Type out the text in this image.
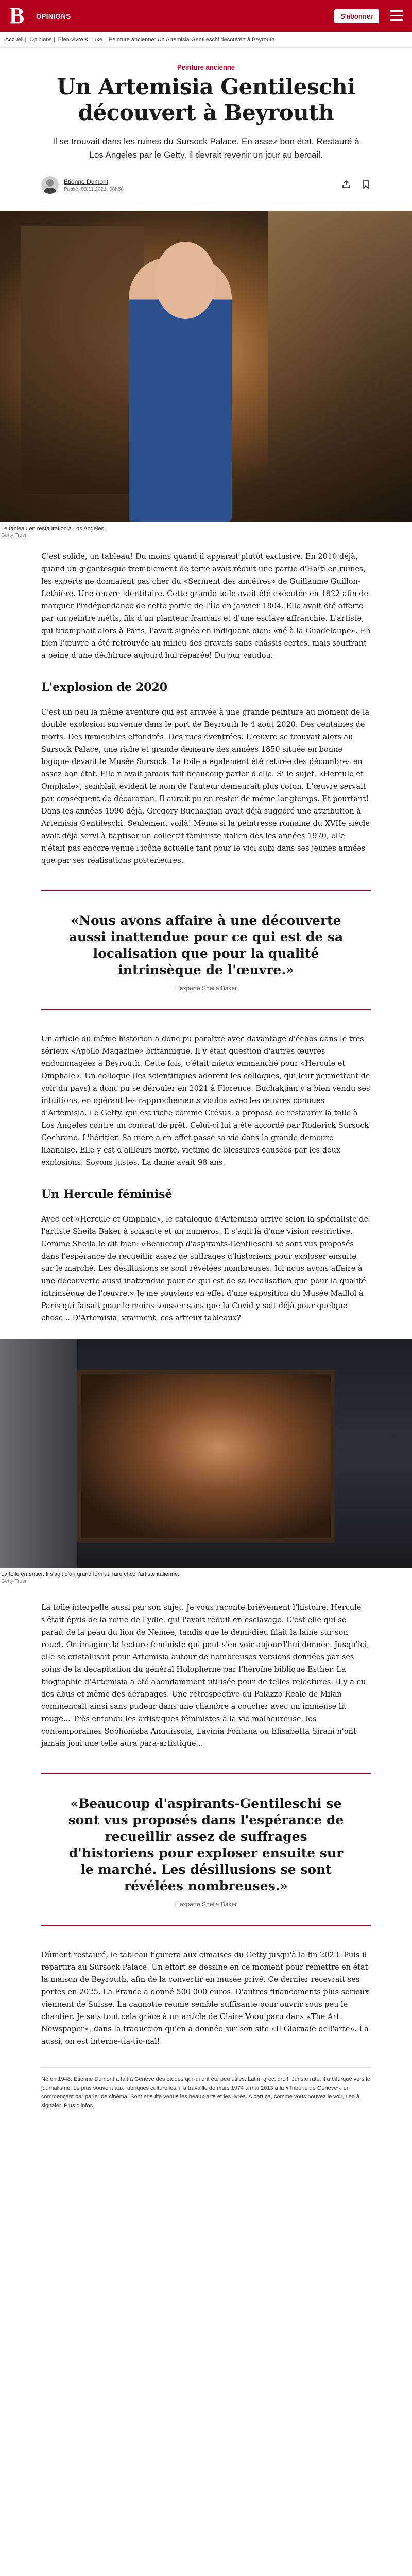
B OPINIONS	S'abonner
Accueil | Opinions | Bien-vivre & Luxe | Peinture ancienne: Un Artemisia Gentileschi découvert à Beyrouth
Peinture ancienne
Un Artemisia Gentileschi découvert à Beyrouth

Il se trouvait dans les ruines du Sursock Palace. En assez bon état. Restauré à Los Angeles par le Getty, il devrait revenir un jour au bercail.

Etienne Dumont
Publié: 03.11.2021, 08h58
Le tableau en restauration à Los Angeles.
Getty Trust

C'est solide, un tableau! Du moins quand il apparait plutôt exclusive. En 2010 déjà, quand un gigantesque tremblement de terre avait réduit une partie d'Haïti en ruines, les experts ne donnaient pas cher du «Serment des ancêtres» de Guillaume Guillon-Lethière. Une œuvre identitaire. Cette grande toile avait été exécutée en 1822 afin de marquer l'indépendance de cette partie de l'Île en janvier 1804. Elle avait été offerte par un peintre métis, fils d'un planteur français et d'une esclave affranchie. L'artiste, qui triomphait alors à Paris, l'avait signée en indiquant bien: «né à la Guadeloupe». Eh bien l'œuvre a été retrouvée au milieu des gravats sans châssis certes, mais souffrant à peine d'une déchirure aujourd'hui réparée! Du pur vaudou.

L'explosion de 2020

C'est un peu la même aventure qui est arrivée à une grande peinture au moment de la double explosion survenue dans le port de Beyrouth le 4 août 2020. Des centaines de morts. Des immeubles effondrés. Des rues éventrées. L'œuvre se trouvait alors au Sursock Palace, une riche et grande demeure des années 1850 située en bonne logique devant le Musée Sursock. La toile a également été retirée des décombres en assez bon état. Elle n'avait jamais fait beaucoup parler d'elle. Si le sujet, «Hercule et Omphale», semblait évident le nom de l'auteur demeurait plus coton. L'œuvre servait par conséquent de décoration. Il aurait pu en rester de même longtemps. Et pourtant! Dans les années 1990 déjà, Gregory Buchakjian avait déjà suggéré une attribution à Artemisia Gentileschi. Seulement voilà! Même si la peintresse romaine du XVIIe siècle avait déjà servi à baptiser un collectif féministe italien dès les années 1970, elle n'était pas encore venue l'icône actuelle tant pour le viol subi dans ses jeunes années que par ses réalisations postérieures.

«Nous avons affaire à une découverte aussi inattendue pour ce qui est de sa localisation que pour la qualité intrinsèque de l'œuvre.»
L'experte Sheila Baker

Un article du même historien a donc pu paraître avec davantage d'échos dans le très sérieux «Apollo Magazine» britannique. Il y était question d'autres œuvres endommagées à Beyrouth. Cette fois, c'était mieux emmanché pour «Hercule et Omphale». Un colloque (les scientifiques adorent les colloques, qui leur permettent de voir du pays) a donc pu se dérouler en 2021 à Florence. Buchakjian y a bien vendu ses intuitions, en opérant les rapprochements voulus avec les œuvres connues d'Artemisia. Le Getty, qui est riche comme Crésus, a proposé de restaurer la toile à Los Angeles contre un contrat de prêt. Celui-ci lui a été accordé par Roderick Sursock Cochrane. L'héritier. Sa mère a en effet passé sa vie dans la grande demeure libanaise. Elle y est d'ailleurs morte, victime de blessures causées par les deux explosions. Soyons justes. La dame avait 98 ans.

Un Hercule féminisé

Avec cet «Hercule et Omphale», le catalogue d'Artemisia arrive selon la spécialiste de l'artiste Sheila Baker à soixante et un numéros. Il s'agit là d'une vision restrictive. Comme Sheila le dit bien: «Beaucoup d'aspirants-Gentileschi se sont vus proposés dans l'espérance de recueillir assez de suffrages d'historiens pour exploser ensuite sur le marché. Les désillusions se sont révélées nombreuses. Ici nous avons affaire à une découverte aussi inattendue pour ce qui est de sa localisation que pour la qualité intrinsèque de l'œuvre.» Je me souviens en effet d'une exposition du Musée Maillol à Paris qui faisait pour le moins tousser sans que la Covid y soit déjà pour quelque chose... D'Artemisia, vraiment, ces affreux tableaux?

La toile en entier. Il s'agit d'un grand format, rare chez l'artiste italienne.
Getty Trust

La toile interpelle aussi par son sujet. Je vous raconte brièvement l'histoire. Hercule s'était épris de la reine de Lydie, qui l'avait réduit en esclavage. C'est elle qui se paraît de la peau du lion de Némée, tandis que le demi-dieu filait la laine sur son rouet. On imagine la lecture féministe qui peut s'en voir aujourd'hui donnée. Jusqu'ici, elle se cristallisait pour Artemisia autour de nombreuses versions données par ses soins de la décapitation du général Holopherne par l'héroïne biblique Esther. La biographie d'Artemisia a été abondamment utilisée pour de telles relectures. Il y a eu des abus et même des dérapages. Une rétrospective du Palazzo Reale de Milan commençait ainsi sans pudeur dans une chambre à coucher avec un immense lit rouge... Très entendu les artistiques féministes à la vie malheureuse, les contemporaines Sophonisba Anguissola, Lavinia Fontana ou Elisabetta Sirani n'ont jamais joui une telle aura para-artistique...

«Beaucoup d'aspirants-Gentileschi se sont vus proposés dans l'espérance de recueillir assez de suffrages d'historiens pour exploser ensuite sur le marché. Les désillusions se sont révélées nombreuses.»
L'experte Sheila Baker

Dûment restauré, le tableau figurera aux cimaises du Getty jusqu'à la fin 2023. Puis il repartira au Sursock Palace. Un effort se dessine en ce moment pour remettre en état la maison de Beyrouth, afin de la convertir en musée privé. Ce dernier recevrait ses portes en 2025. La France a donné 500 000 euros. D'autres financements plus sérieux viennent de Suisse. La cagnotte réunie semble suffisante pour ouvrir sous peu le chantier. Je sais tout cela grâce à un article de Claire Voon paru dans «The Art Newspaper», dans la traduction qu'en a donnée sur son site «Il Giornale dell'arte». La aussi, on est interne-tia-tio-nal!

Né en 1948, Etienne Dumont a fait à Genève des études qui lui ont été peu utiles. Latin, grec, droit. Juriste raté, il a bifurqué vers le journalisme. Le plus souvent aux rubriques culturelles, il a travaillé de mars 1974 à mai 2013 à la «Tribune de Genève», en commençant par parler de cinéma. Sont ensuite venus les beaux-arts et les livres. A part ça, comme vous pouvez le voir, rien à signaler. Plus d'infos
